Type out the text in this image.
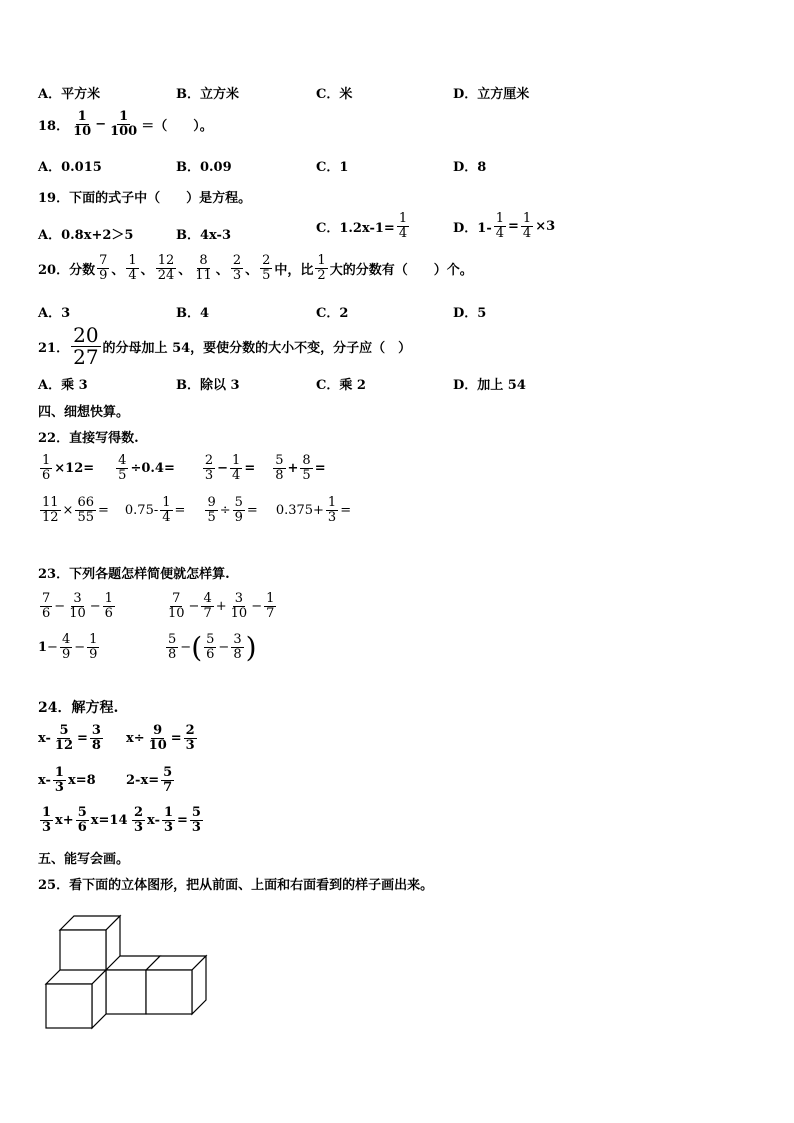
A．平方米	B．立方米	C．米	D．立方厘米
18． $\frac{1}{10} - \frac{1}{100}$ ＝（　　）。
A．0.015	B．0.09	C．1	D．8
19．下面的式子中（　　）是方程。
A．0.8x+2＞5	B．4x-3	C．$1.2x-1= \frac{1}{4}$	D．$1- \frac{1}{4} = \frac{1}{4} \times 3$
20．分数 $\frac{7}{9}$ 、 $\frac{1}{4}$ 、 $\frac{12}{24}$ 、 $\frac{8}{11}$ 、 $\frac{2}{3}$ 、 $\frac{2}{5}$ 中，比 $\frac{1}{2}$ 大的分数有（　　）个。
A．3	B．4	C．2	D．5
21． $\frac{20}{27}$ 的分母加上 54，要使分数的大小不变，分子应（　）
A．乘 3	B．除以 3	C．乘 2	D．加上 54
四、细想快算。
22．直接写得数.
$\frac{1}{6} \times 12= \frac{4}{5} \div 0.4= \frac{2}{3} - \frac{1}{4} = \frac{5}{8} + \frac{8}{5}$ =
$\frac{11}{12} \times \frac{66}{55} = 0.75- \frac{1}{4} = \frac{9}{5} \div \frac{5}{9} = 0.375+ \frac{1}{3}$ =
23．下列各题怎样简便就怎样算.
$\frac{7}{6} - \frac{3}{10} - \frac{1}{6}$	$\frac{7}{10} - \frac{4}{7} + \frac{3}{10} - \frac{1}{7}$
$1 - \frac{4}{9} - \frac{1}{9}$	$\frac{5}{8}$ − ( $\frac{5}{6} - \frac{3}{8}$ )
24．解方程.
$x- \frac{5}{12} = \frac{3}{8} x\div \frac{9}{10} = \frac{2}{3}$
$x- \frac{1}{3} x=8$ $2-x= \frac{5}{7}$
$\frac{1}{3} x+ \frac{5}{6} x=14 \frac{2}{3} x- \frac{1}{3} = \frac{5}{3}$
五、能写会画。
25．看下面的立体图形，把从前面、上面和右面看到的样子画出来。
